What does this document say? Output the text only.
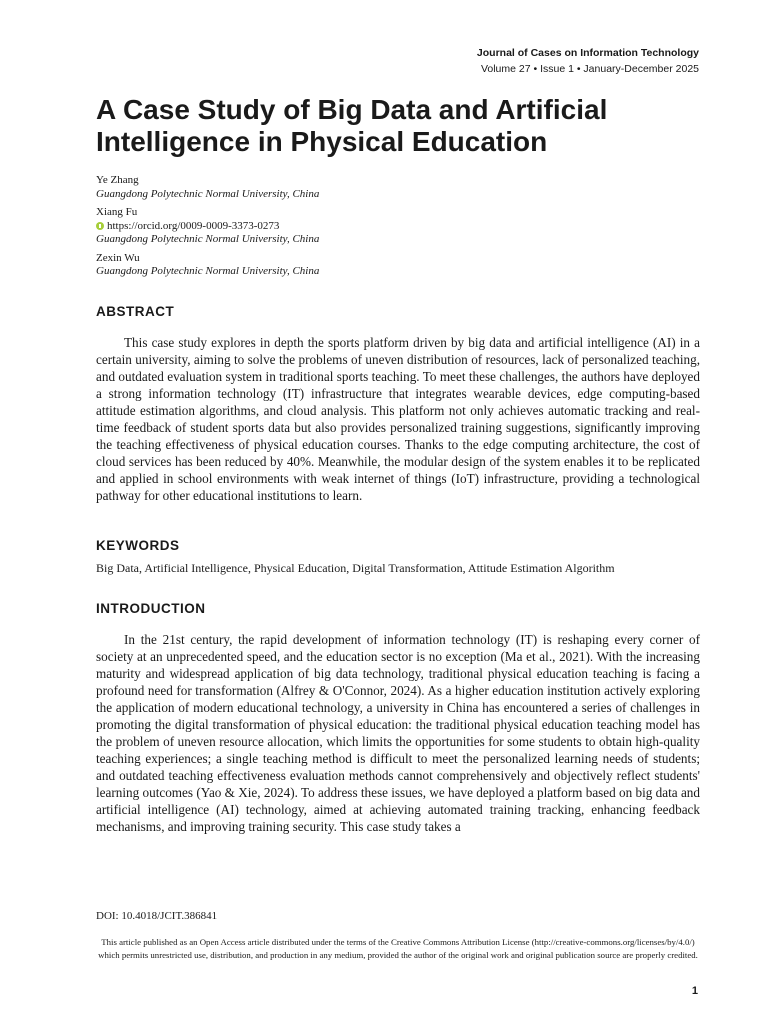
Journal of Cases on Information Technology
Volume 27 • Issue 1 • January-December 2025
A Case Study of Big Data and Artificial Intelligence in Physical Education
Ye Zhang
Guangdong Polytechnic Normal University, China
Xiang Fu
https://orcid.org/0009-0009-3373-0273
Guangdong Polytechnic Normal University, China
Zexin Wu
Guangdong Polytechnic Normal University, China
ABSTRACT

This case study explores in depth the sports platform driven by big data and artificial intelligence (AI) in a certain university, aiming to solve the problems of uneven distribution of resources, lack of personalized teaching, and outdated evaluation system in traditional sports teaching. To meet these challenges, the authors have deployed a strong information technology (IT) infrastructure that integrates wearable devices, edge computing-based attitude estimation algorithms, and cloud analysis. This platform not only achieves automatic tracking and real-time feedback of student sports data but also provides personalized training suggestions, significantly improving the teaching effectiveness of physical education courses. Thanks to the edge computing architecture, the cost of cloud services has been reduced by 40%. Meanwhile, the modular design of the system enables it to be replicated and applied in school environments with weak internet of things (IoT) infrastructure, providing a technological pathway for other educational institutions to learn.

KEYWORDS

Big Data, Artificial Intelligence, Physical Education, Digital Transformation, Attitude Estimation Algorithm

INTRODUCTION

In the 21st century, the rapid development of information technology (IT) is reshaping every corner of society at an unprecedented speed, and the education sector is no exception (Ma et al., 2021). With the increasing maturity and widespread application of big data technology, traditional physical education teaching is facing a profound need for transformation (Alfrey & O'Connor, 2024). As a higher education institution actively exploring the application of modern educational technology, a university in China has encountered a series of challenges in promoting the digital transformation of physical education: the traditional physical education teaching model has the problem of uneven resource allocation, which limits the opportunities for some students to obtain high-quality teaching experiences; a single teaching method is difficult to meet the personalized learning needs of students; and outdated teaching effectiveness evaluation methods cannot comprehensively and objectively reflect students' learning outcomes (Yao & Xie, 2024). To address these issues, we have deployed a platform based on big data and artificial intelligence (AI) technology, aimed at achieving automated training tracking, enhancing feedback mechanisms, and improving training security. This case study takes a

DOI: 10.4018/JCIT.386841
This article published as an Open Access article distributed under the terms of the Creative Commons Attribution License (http://creative-commons.org/licenses/by/4.0/) which permits unrestricted use, distribution, and production in any medium, provided the author of the original work and original publication source are properly credited.
1
